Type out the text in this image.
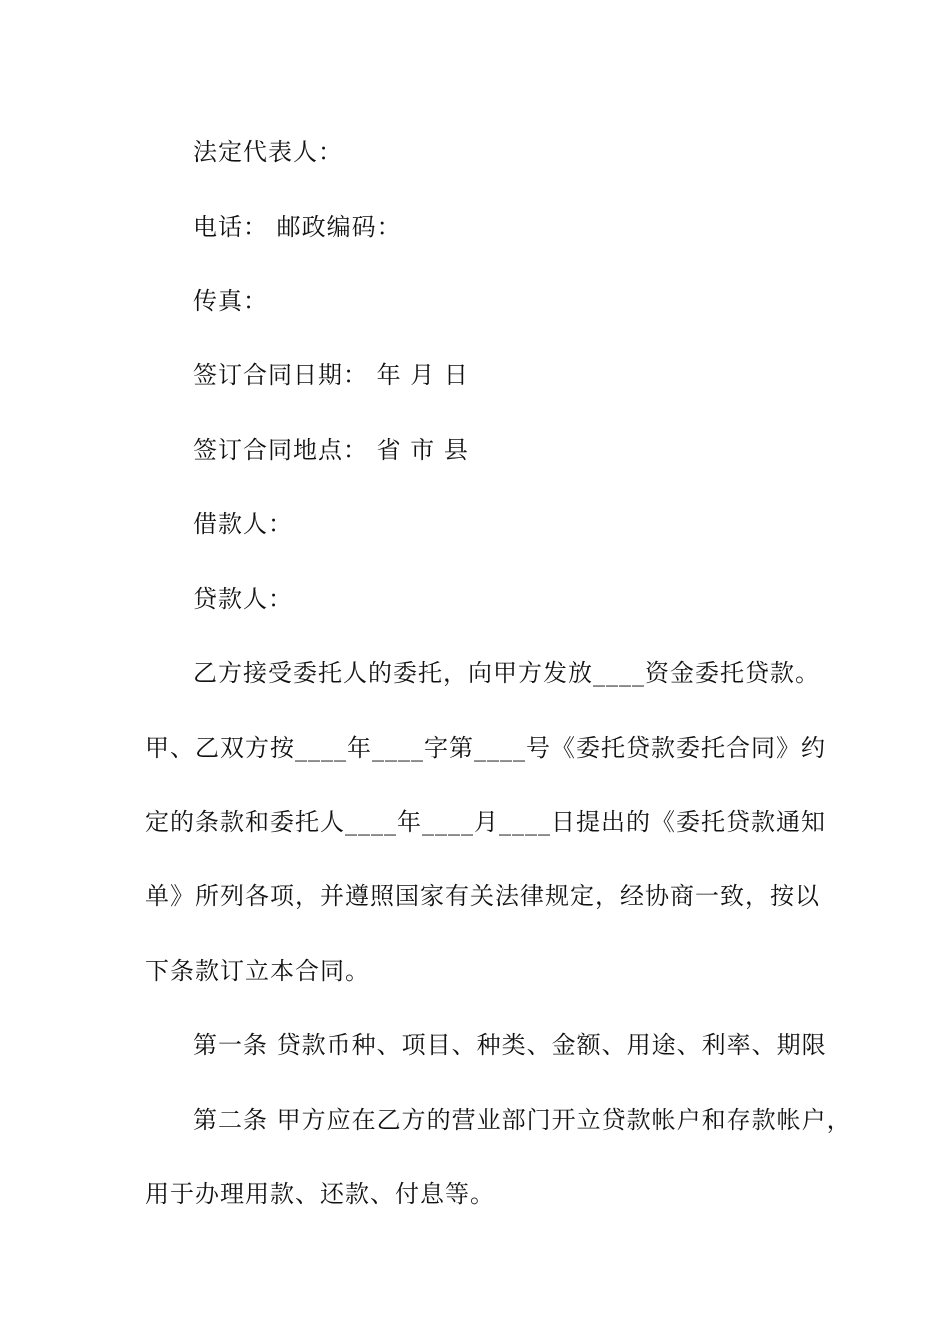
法定代表人：
电话： 邮政编码：
传真：
签订合同日期： 年 月 日
签订合同地点： 省 市 县
借款人：
贷款人：
乙方接受委托人的委托，向甲方发放____资金委托贷款。
甲、乙双方按____年____字第____号《委托贷款委托合同》约
定的条款和委托人____年____月____日提出的《委托贷款通知
单》所列各项，并遵照国家有关法律规定，经协商一致，按以
下条款订立本合同。
第一条 贷款币种、项目、种类、金额、用途、利率、期限
第二条 甲方应在乙方的营业部门开立贷款帐户和存款帐户，
用于办理用款、还款、付息等。
